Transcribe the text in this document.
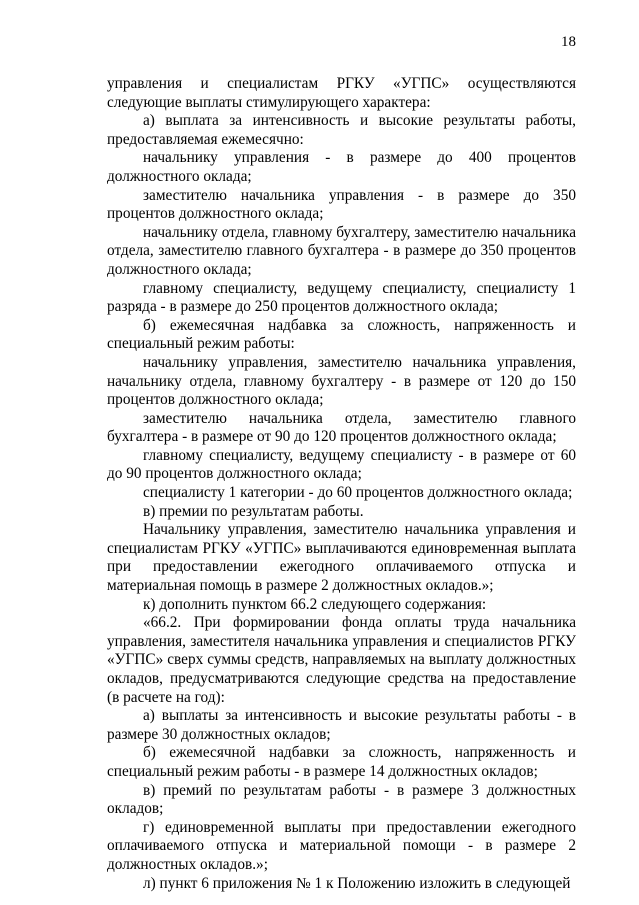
18

управления и специалистам РГКУ «УГПС» осуществляются следующие выплаты стимулирующего характера:

а) выплата за интенсивность и высокие результаты работы, предоставляемая ежемесячно:

начальнику управления - в размере до 400 процентов должностного оклада;

заместителю начальника управления - в размере до 350 процентов должностного оклада;

начальнику отдела, главному бухгалтеру, заместителю начальника отдела, заместителю главного бухгалтера - в размере до 350 процентов должностного оклада;

главному специалисту, ведущему специалисту, специалисту 1 разряда - в размере до 250 процентов должностного оклада;

б) ежемесячная надбавка за сложность, напряженность и специальный режим работы:

начальнику управления, заместителю начальника управления, начальнику отдела, главному бухгалтеру - в размере от 120 до 150 процентов должностного оклада;

заместителю начальника отдела, заместителю главного бухгалтера - в размере от 90 до 120 процентов должностного оклада;

главному специалисту, ведущему специалисту - в размере от 60 до 90 процентов должностного оклада;

специалисту 1 категории - до 60 процентов должностного оклада;

в) премии по результатам работы.

Начальнику управления, заместителю начальника управления и специалистам РГКУ «УГПС» выплачиваются единовременная выплата при предоставлении ежегодного оплачиваемого отпуска и материальная помощь в размере 2 должностных окладов.»;

к) дополнить пунктом 66.2 следующего содержания:

«66.2. При формировании фонда оплаты труда начальника управления, заместителя начальника управления и специалистов РГКУ «УГПС» сверх суммы средств, направляемых на выплату должностных окладов, предусматриваются следующие средства на предоставление (в расчете на год):

а) выплаты за интенсивность и высокие результаты работы - в размере 30 должностных окладов;

б) ежемесячной надбавки за сложность, напряженность и специальный режим работы - в размере 14 должностных окладов;

в) премий по результатам работы - в размере 3 должностных окладов;

г) единовременной выплаты при предоставлении ежегодного оплачиваемого отпуска и материальной помощи - в размере 2 должностных окладов.»;

л) пункт 6 приложения № 1 к Положению изложить в следующей
